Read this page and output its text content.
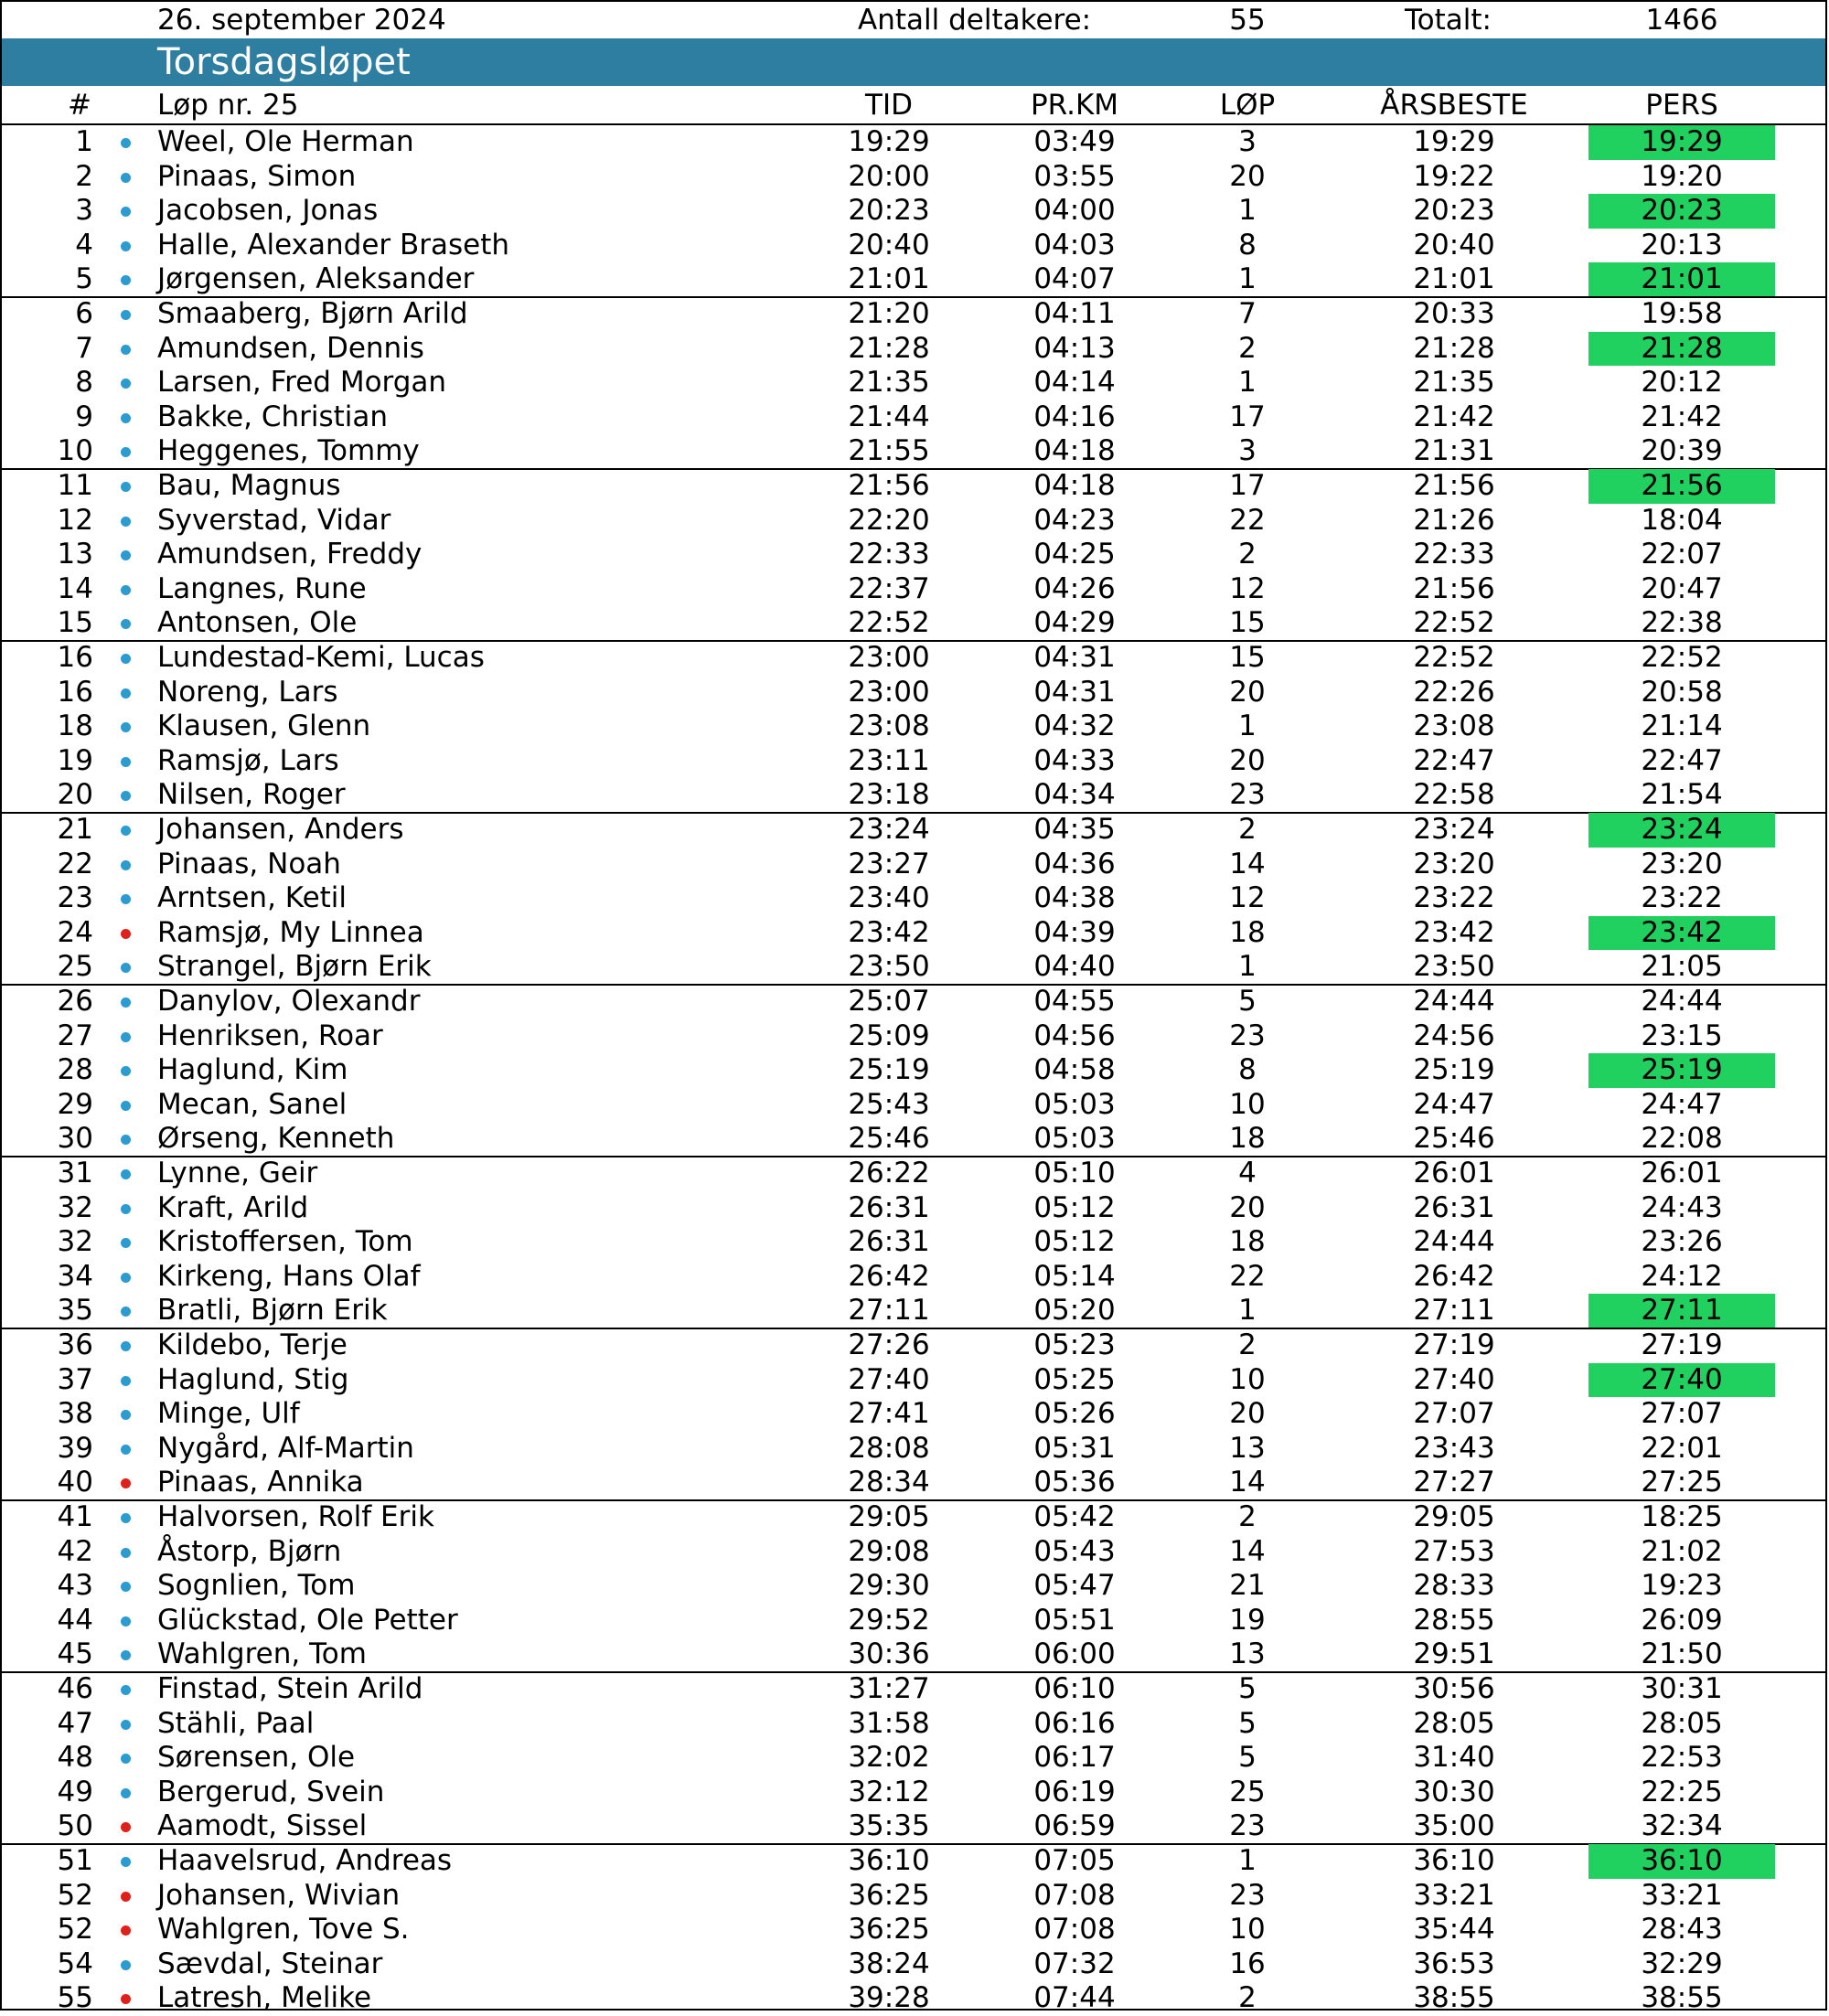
26. september 2024	Antall deltakere:	55	Totalt:	1466
Torsdagsløpet
#	Løp nr. 25	TID	PR.KM	LØP	ÅRSBESTE	PERS
1 Weel, Ole Herman	19:29	03:49	3	19:29	19:29
2 Pinaas, Simon	20:00	03:55	20	19:22	19:20
3 Jacobsen, Jonas	20:23	04:00	1	20:23	20:23
4 Halle, Alexander Braseth	20:40	04:03	8	20:40	20:13
5 Jørgensen, Aleksander	21:01	04:07	1	21:01	21:01
6 Smaaberg, Bjørn Arild	21:20	04:11	7	20:33	19:58
7 Amundsen, Dennis	21:28	04:13	2	21:28	21:28
8 Larsen, Fred Morgan	21:35	04:14	1	21:35	20:12
9 Bakke, Christian	21:44	04:16	17	21:42	21:42
10 Heggenes, Tommy	21:55	04:18	3	21:31	20:39
11 Bau, Magnus	21:56	04:18	17	21:56	21:56
12 Syverstad, Vidar	22:20	04:23	22	21:26	18:04
13 Amundsen, Freddy	22:33	04:25	2	22:33	22:07
14 Langnes, Rune	22:37	04:26	12	21:56	20:47
15 Antonsen, Ole	22:52	04:29	15	22:52	22:38
16 Lundestad-Kemi, Lucas	23:00	04:31	15	22:52	22:52
16 Noreng, Lars	23:00	04:31	20	22:26	20:58
18 Klausen, Glenn	23:08	04:32	1	23:08	21:14
19 Ramsjø, Lars	23:11	04:33	20	22:47	22:47
20 Nilsen, Roger	23:18	04:34	23	22:58	21:54
21 Johansen, Anders	23:24	04:35	2	23:24	23:24
22 Pinaas, Noah	23:27	04:36	14	23:20	23:20
23 Arntsen, Ketil	23:40	04:38	12	23:22	23:22
24 Ramsjø, My Linnea	23:42	04:39	18	23:42	23:42
25 Strangel, Bjørn Erik	23:50	04:40	1	23:50	21:05
26 Danylov, Olexandr	25:07	04:55	5	24:44	24:44
27 Henriksen, Roar	25:09	04:56	23	24:56	23:15
28 Haglund, Kim	25:19	04:58	8	25:19	25:19
29 Mecan, Sanel	25:43	05:03	10	24:47	24:47
30 Ørseng, Kenneth	25:46	05:03	18	25:46	22:08
31 Lynne, Geir	26:22	05:10	4	26:01	26:01
32 Kraft, Arild	26:31	05:12	20	26:31	24:43
32 Kristoffersen, Tom	26:31	05:12	18	24:44	23:26
34 Kirkeng, Hans Olaf	26:42	05:14	22	26:42	24:12
35 Bratli, Bjørn Erik	27:11	05:20	1	27:11	27:11
36 Kildebo, Terje	27:26	05:23	2	27:19	27:19
37 Haglund, Stig	27:40	05:25	10	27:40	27:40
38 Minge, Ulf	27:41	05:26	20	27:07	27:07
39 Nygård, Alf-Martin	28:08	05:31	13	23:43	22:01
40 Pinaas, Annika	28:34	05:36	14	27:27	27:25
41 Halvorsen, Rolf Erik	29:05	05:42	2	29:05	18:25
42 Åstorp, Bjørn	29:08	05:43	14	27:53	21:02
43 Sognlien, Tom	29:30	05:47	21	28:33	19:23
44 Glückstad, Ole Petter	29:52	05:51	19	28:55	26:09
45 Wahlgren, Tom	30:36	06:00	13	29:51	21:50
46 Finstad, Stein Arild	31:27	06:10	5	30:56	30:31
47 Stähli, Paal	31:58	06:16	5	28:05	28:05
48 Sørensen, Ole	32:02	06:17	5	31:40	22:53
49 Bergerud, Svein	32:12	06:19	25	30:30	22:25
50 Aamodt, Sissel	35:35	06:59	23	35:00	32:34
51 Haavelsrud, Andreas	36:10	07:05	1	36:10	36:10
52 Johansen, Wivian	36:25	07:08	23	33:21	33:21
52 Wahlgren, Tove S.	36:25	07:08	10	35:44	28:43
54 Sævdal, Steinar	38:24	07:32	16	36:53	32:29
55 Latresh, Melike	39:28	07:44	2	38:55	38:55
